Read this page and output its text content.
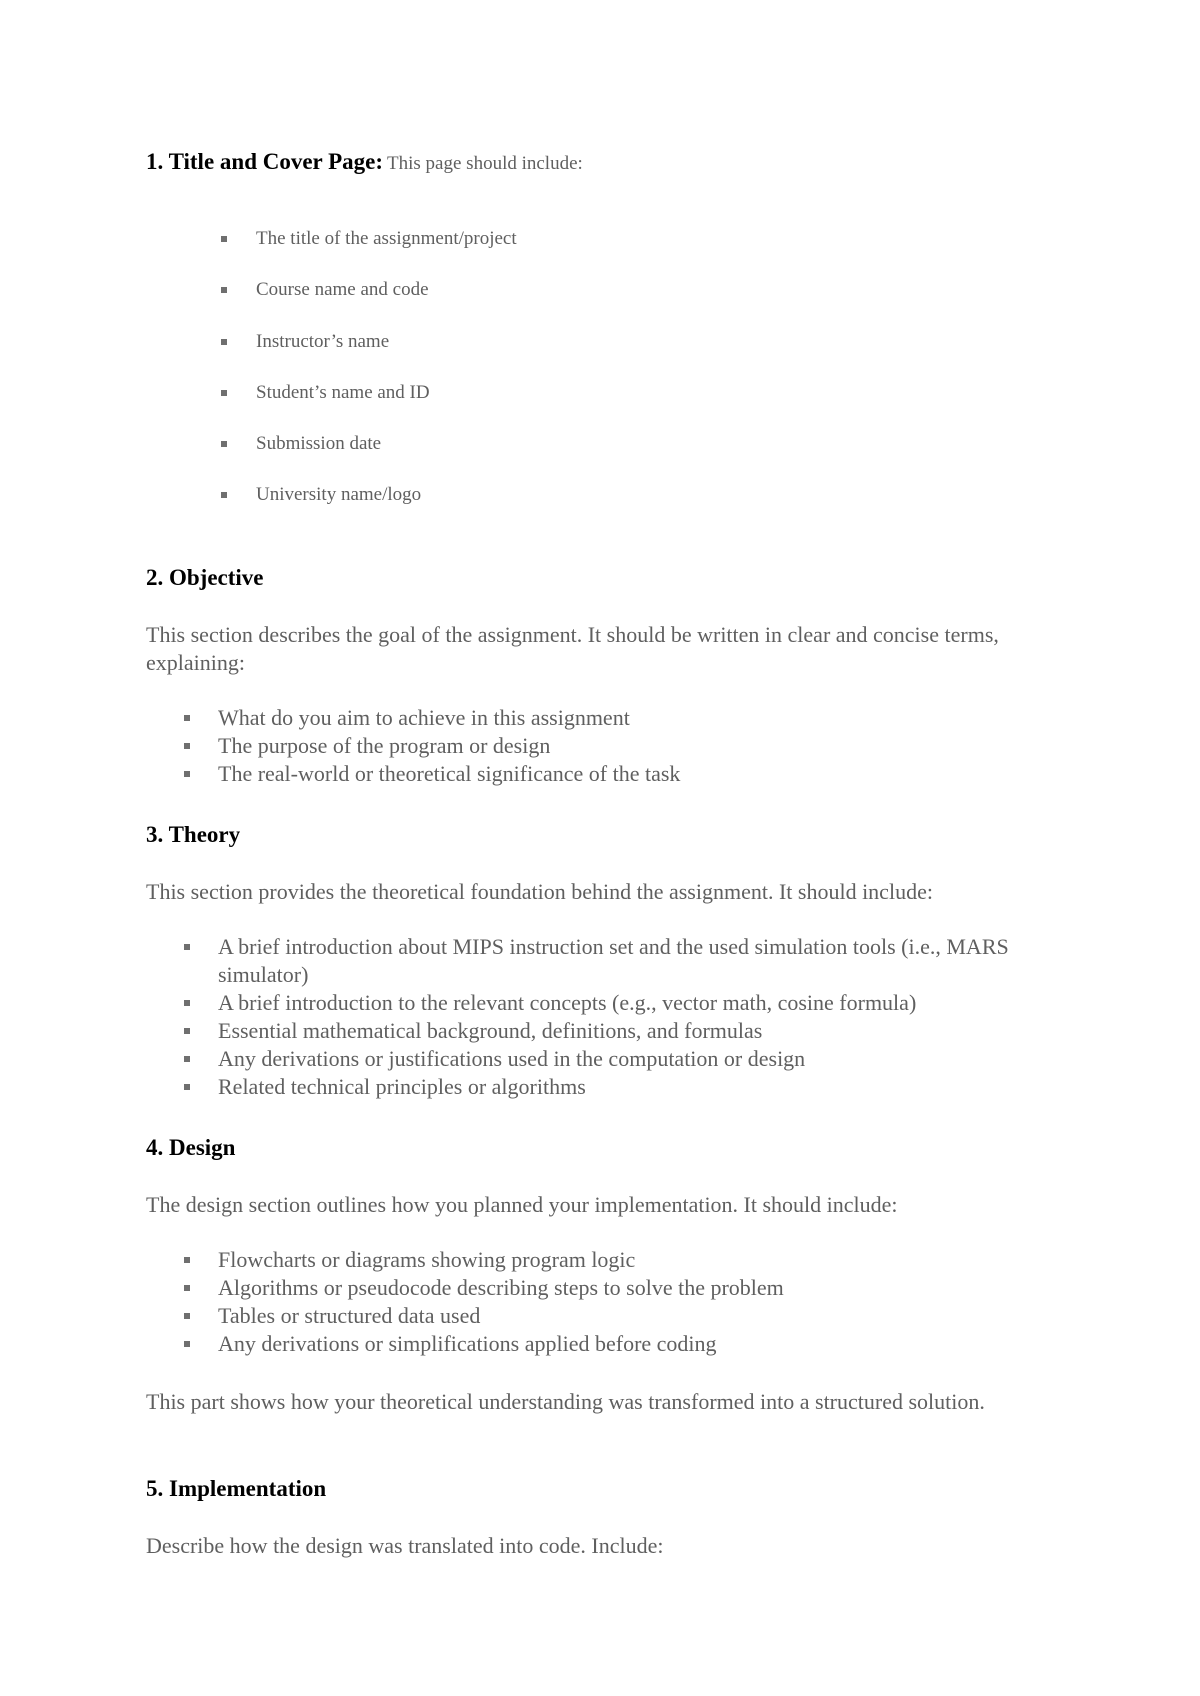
1. Title and Cover Page: This page should include:
The title of the assignment/project
Course name and code
Instructor’s name
Student’s name and ID
Submission date
University name/logo
2. Objective

This section describes the goal of the assignment. It should be written in clear and concise terms, explaining:

What do you aim to achieve in this assignment
The purpose of the program or design
The real-world or theoretical significance of the task
3. Theory

This section provides the theoretical foundation behind the assignment. It should include:

A brief introduction about MIPS instruction set and the used simulation tools (i.e., MARS simulator)
A brief introduction to the relevant concepts (e.g., vector math, cosine formula)
Essential mathematical background, definitions, and formulas
Any derivations or justifications used in the computation or design
Related technical principles or algorithms
4. Design

The design section outlines how you planned your implementation. It should include:

Flowcharts or diagrams showing program logic
Algorithms or pseudocode describing steps to solve the problem
Tables or structured data used
Any derivations or simplifications applied before coding

This part shows how your theoretical understanding was transformed into a structured solution.

5. Implementation

Describe how the design was translated into code. Include:
